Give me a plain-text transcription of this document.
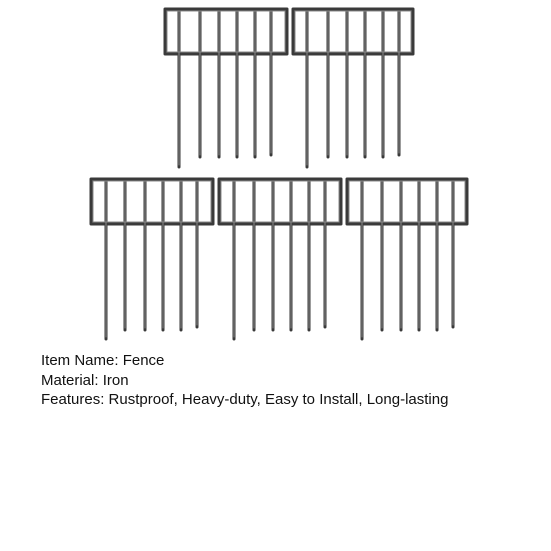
Item Name: Fence
Material: Iron
Features: Rustproof, Heavy-duty, Easy to Install, Long-lasting
